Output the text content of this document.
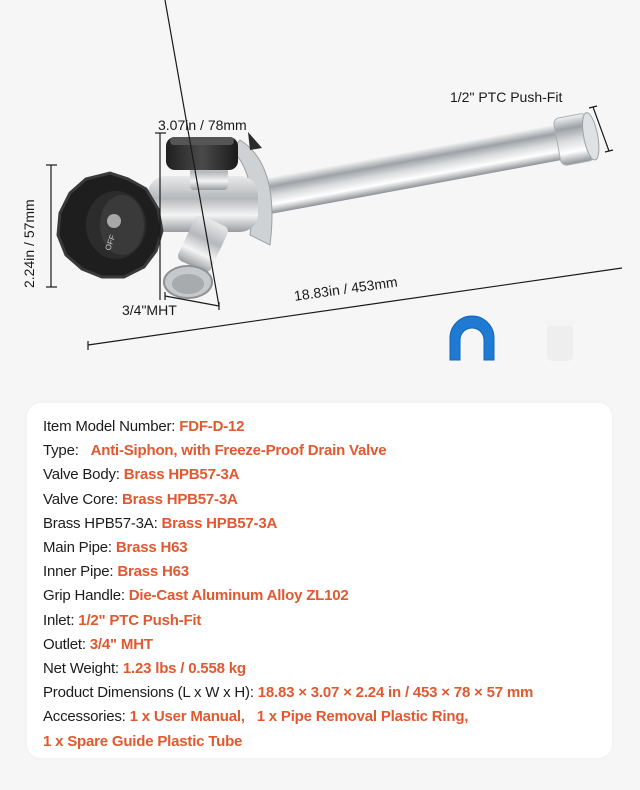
OFF
3.07in / 78mm
2.24in / 57mm
3/4"MHT
18.83in / 453mm
1/2" PTC Push-Fit
Item Model Number: FDF-D-12
Type:   Anti-Siphon, with Freeze-Proof Drain Valve
Valve Body: Brass HPB57-3A
Valve Core: Brass HPB57-3A
Brass HPB57-3A: Brass HPB57-3A
Main Pipe: Brass H63
Inner Pipe: Brass H63
Grip Handle: Die-Cast Aluminum Alloy ZL102
Inlet: 1/2" PTC Push-Fit
Outlet: 3/4" MHT
Net Weight: 1.23 lbs / 0.558 kg
Product Dimensions (L x W x H): 18.83 × 3.07 × 2.24 in / 453 × 78 × 57 mm
Accessories: 1 x User Manual,   1 x Pipe Removal Plastic Ring,
1 x Spare Guide Plastic Tube
